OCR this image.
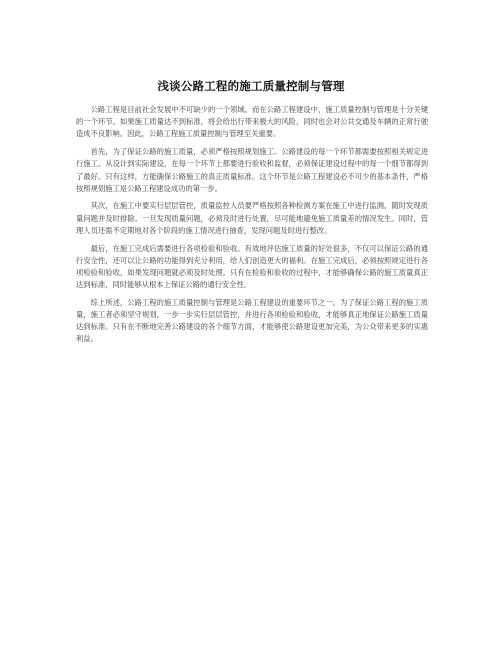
浅谈公路工程的施工质量控制与管理

公路工程是目前社会发展中不可缺少的一个领域。而在公路工程建设中，施工质量控制与管理是十分关键的一个环节。如果施工质量达不到标准，将会给出行带来极大的风险，同时也会对公共交通及车辆的正常行驶造成不良影响。因此，公路工程施工质量控制与管理至关重要。

首先，为了保证公路的施工质量，必须严格按照规划施工。公路建设的每一个环节都需要按照相关规定进行施工。从设计到实际建设，在每一个环节上都要进行验收和监督，必须保证建设过程中的每一个细节都得到了最好。只有这样，方能确保公路施工的真正质量标准。这个环节是公路工程建设必不可少的基本条件，严格按照规划施工是公路工程建设成功的第一步。

其次，在施工中要实行层层管控，质量监控人员要严格按照各种检测方案在施工中进行监测，随时发现质量问题并及时排除。一旦发现质量问题，必须及时进行处置，尽可能地避免施工质量差的情况发生。同时，管理人员还需不定期地对各个阶段的施工情况进行抽查，发现问题及时进行整改。

最后，在施工完成后需要进行各项检验和验收。有效地评估施工质量的好处很多，不仅可以保证公路的通行安全性，还可以让公路的功能得到充分利用，给人们创造更大的福利。在施工完成后，必须按照规定进行各项检验和验收，如果发现问题就必须及时处理。只有在检验和验收的过程中，才能够确保公路的施工质量真正达到标准，同时能够从根本上保证公路的通行安全性。

综上所述，公路工程的施工质量控制与管理是公路工程建设的重要环节之一。为了保证公路工程的施工质量，施工者必须坚守规划，一步一步实行层层管控，并进行各项检验和验收，才能够真正地保证公路施工质量达到标准。只有在不断地完善公路建设的各个细节方面，才能够使公路建设更加完美，为公众带来更多的实惠利益。
